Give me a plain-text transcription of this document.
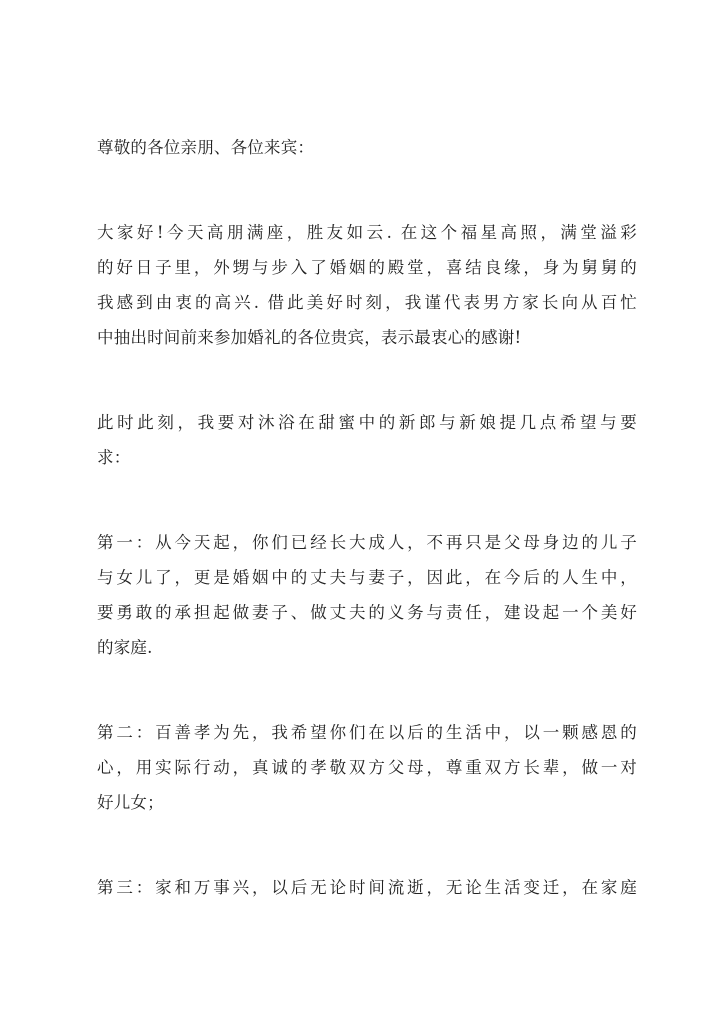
尊敬的各位亲朋、各位来宾：
大家好!今天高朋满座，胜友如云. 在这个福星高照，满堂溢彩
的好日子里，外甥与步入了婚姻的殿堂，喜结良缘，身为舅舅的
我感到由衷的高兴. 借此美好时刻，我谨代表男方家长向从百忙
中抽出时间前来参加婚礼的各位贵宾，表示最衷心的感谢!
此时此刻，我要对沐浴在甜蜜中的新郎与新娘提几点希望与要
求：
第一：从今天起，你们已经长大成人，不再只是父母身边的儿子
与女儿了，更是婚姻中的丈夫与妻子，因此，在今后的人生中，
要勇敢的承担起做妻子、做丈夫的义务与责任，建设起一个美好
的家庭.
第二：百善孝为先，我希望你们在以后的生活中，以一颗感恩的
心，用实际行动，真诚的孝敬双方父母，尊重双方长辈，做一对
好儿女；
第三：家和万事兴，以后无论时间流逝，无论生活变迁，在家庭
